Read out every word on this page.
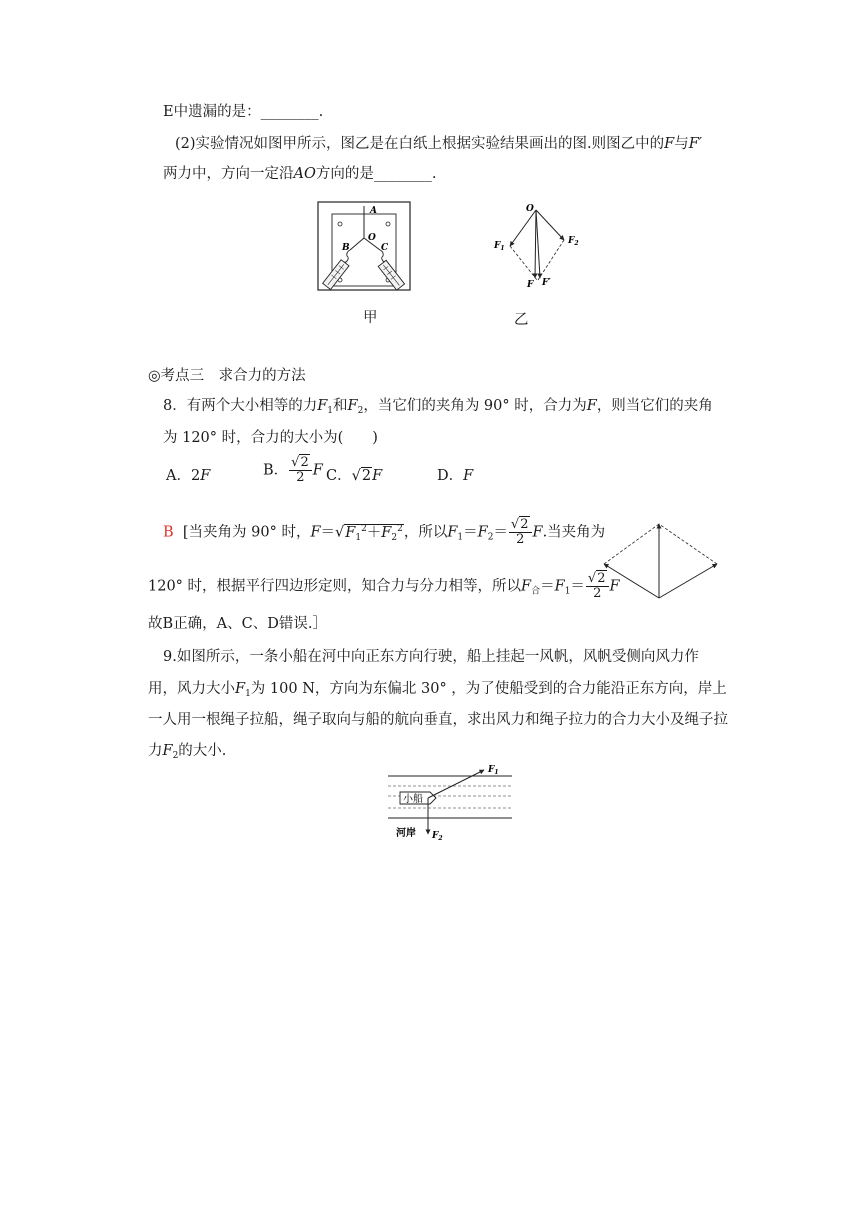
E中遗漏的是：________.
(2)实验情况如图甲所示，图乙是在白纸上根据实验结果画出的图.则图乙中的F与F′
两力中，方向一定沿AO方向的是________.
A
O
B	C
O
$F_1$
$F_2$
F F′
甲	乙
◎考点三　求合力的方法
8．有两个大小相等的力$F_1$和$F_2$，当它们的夹角为 90° 时，合力为F，则当它们的夹角
为 120° 时，合力的大小为(　　)
A．2F	B． $\frac{√2}{2}$ F C．√2F	D．F
B [当夹角为 90° 时，$F=√F_1^2+F_2^2$，所以$F_1=F_2= \frac{√2}{2} F$.当夹角为
120° 时，根据平行四边形定则，知合力与分力相等，所以$F_合=F_1= \frac{√2}{2}$ F
故B正确，A、C、D错误.］
9.如图所示，一条小船在河中向正东方向行驶，船上挂起一风帆，风帆受侧向风力作
用，风力大小$F_1$为 100 N，方向为东偏北 30° ，为了使船受到的合力能沿正东方向，岸上
一人用一根绳子拉船，绳子取向与船的航向垂直，求出风力和绳子拉力的合力大小及绳子拉
力$F_2$的大小.
小船
$F_1$
$F_2$
河岸
